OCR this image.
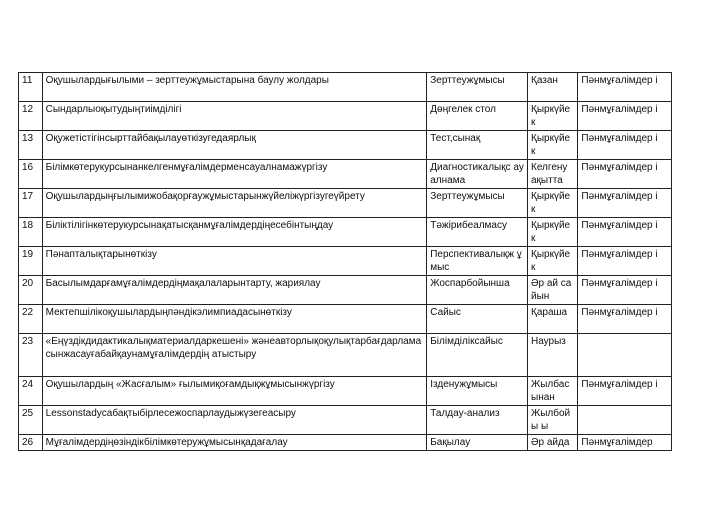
11	Оқушылардығылыми – зерттеужұмыстарына баулу жолдары	Зерттеужұмысы	Қазан	Пәнмұғалімдер і
12	Сындарлыоқытудыңтиімділігі	Дөңгелек стол	Қыркүйе к	Пәнмұғалімдер і
13	Оқужетістігінсырттайбақылауөткізугедаярлық	Тест,сынақ	Қыркүйе к	Пәнмұғалімдер і
16	Білімкөтерукурсынанкелгенмұғалімдерменсауалнамажүргізу	Диагностикалықс ауалнама	Келгену ақытта	Пәнмұғалімдер і
17	Оқушылардыңғылымижобақорғаужұмыстарынжүйеліжүргізугеүйрету	Зерттеужұмысы	Қыркүйе к	Пәнмұғалімдер і
18	Біліктілігінкөтерукурсынақатысқанмұғалімдердіңесебінтыңдау	Тәжірибеалмасу	Қыркүйе к	Пәнмұғалімдер і
19	Пәнапталықтарынөткізу	Перспективалықж ұмыс	Қыркүйе к	Пәнмұғалімдер і
20	Басылымдарғамұғалімдердіңмақалаларынтарту, жариялау	Жоспарбойынша	Әр ай сайын	Пәнмұғалімдер і
22	Мектепшілікоқушылардыңпәндікэлимпиадасынөткізу	Сайыс	Қараша	Пәнмұғалімдер і
23	«Еңүздікдидактикалықматериалдаркешені» жәнеавторлықоқулықтарбағдарламасынжасауғабайқаунамұғалімдердің атыстыру	Білімділіксайыс	Наурыз	
24	Оқушылардың «Жасғалым» ғылымиқоғамдықжұмысынжүргізу	Ізденужұмысы	Жылбас ынан	Пәнмұғалімдер і
25	Lessonstadyсабақтыбірлесежоспарлаудыжүзегеасыру	Талдау-анализ	Жылбойы ы	
26	Мұғалімдердіңөзіндікбілімкөтеружұмысынқадағалау	Бақылау	Әр айда	Пәнмұғалімдер
